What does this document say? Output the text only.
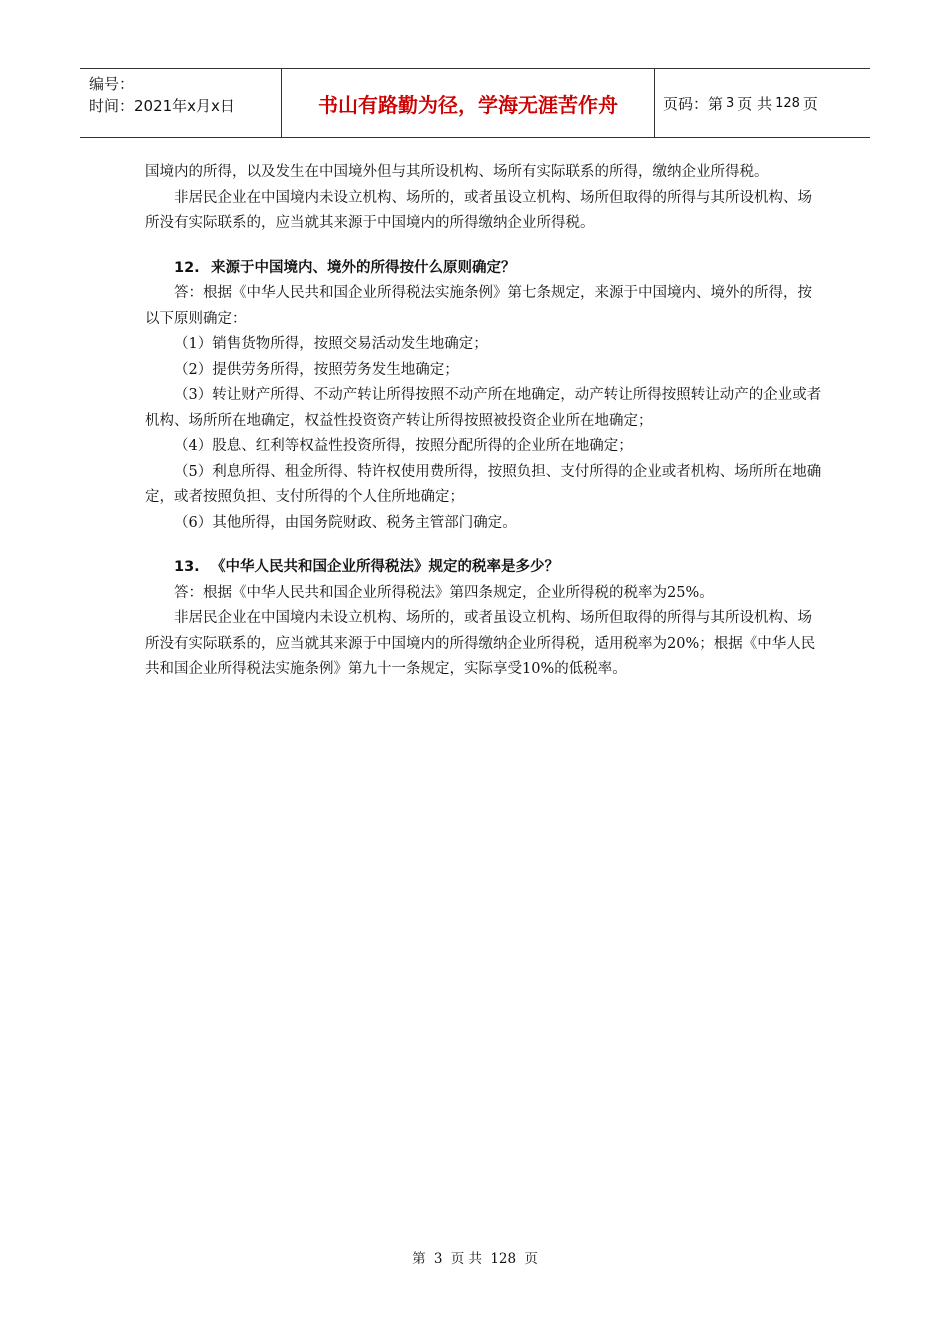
编号：
时间：2021年x月x日	书山有路勤为径，学海无涯苦作舟	页码：第 3 页 共 128 页

国境内的所得，以及发生在中国境外但与其所设机构、场所有实际联系的所得，缴纳企业所得税。

非居民企业在中国境内未设立机构、场所的，或者虽设立机构、场所但取得的所得与其所设机构、场所没有实际联系的，应当就其来源于中国境内的所得缴纳企业所得税。

12. 来源于中国境内、境外的所得按什么原则确定？

答：根据《中华人民共和国企业所得税法实施条例》第七条规定，来源于中国境内、境外的所得，按以下原则确定：

（1）销售货物所得，按照交易活动发生地确定；

（2）提供劳务所得，按照劳务发生地确定；

（3）转让财产所得、不动产转让所得按照不动产所在地确定，动产转让所得按照转让动产的企业或者机构、场所所在地确定，权益性投资资产转让所得按照被投资企业所在地确定；

（4）股息、红利等权益性投资所得，按照分配所得的企业所在地确定；

（5）利息所得、租金所得、特许权使用费所得，按照负担、支付所得的企业或者机构、场所所在地确定，或者按照负担、支付所得的个人住所地确定；

（6）其他所得，由国务院财政、税务主管部门确定。

13. 《中华人民共和国企业所得税法》规定的税率是多少？

答：根据《中华人民共和国企业所得税法》第四条规定，企业所得税的税率为25%。

非居民企业在中国境内未设立机构、场所的，或者虽设立机构、场所但取得的所得与其所设机构、场所没有实际联系的，应当就其来源于中国境内的所得缴纳企业所得税，适用税率为20%；根据《中华人民共和国企业所得税法实施条例》第九十一条规定，实际享受10%的低税率。

第 3 页 共 128 页
